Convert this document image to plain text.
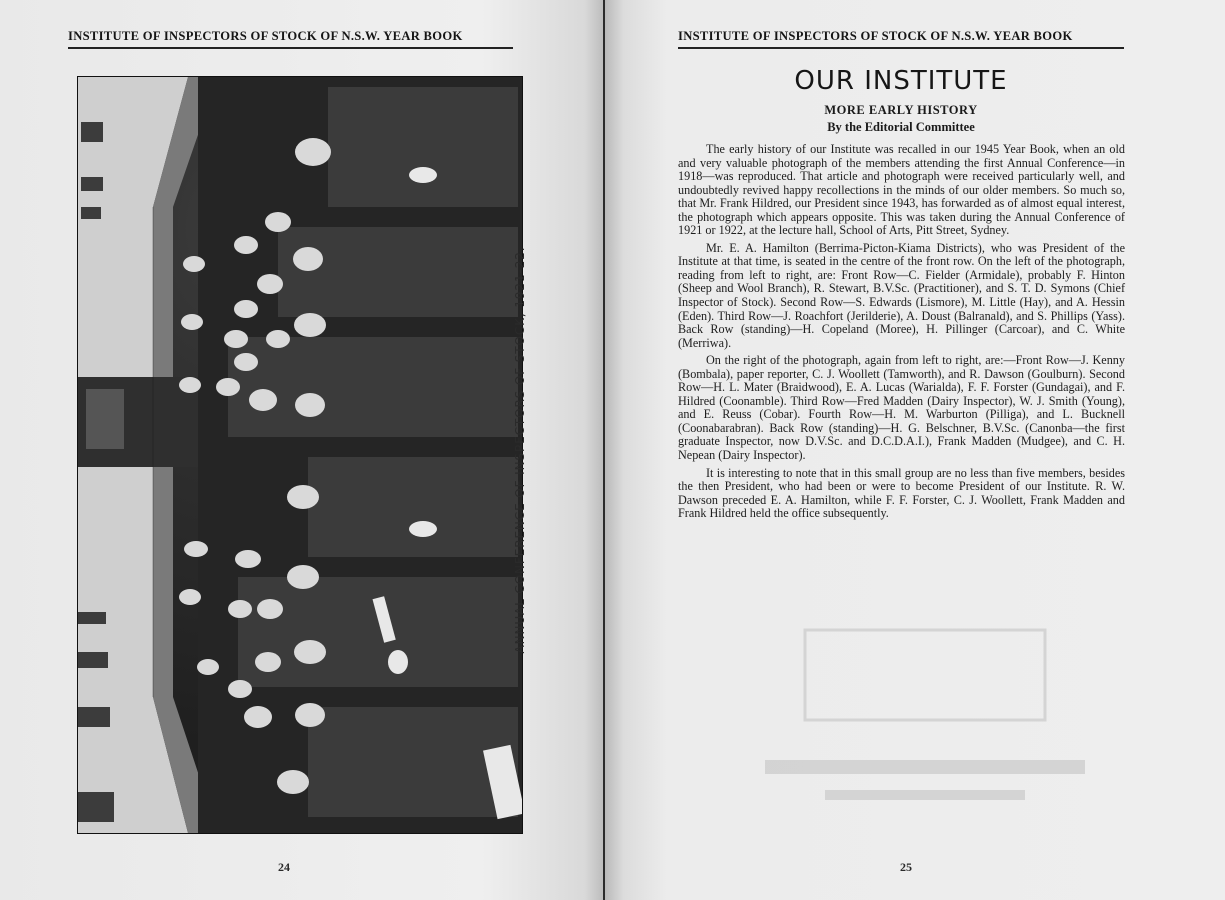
INSTITUTE OF INSPECTORS OF STOCK OF N.S.W. YEAR BOOK
ANNUAL CONFERENCE OF INSPECTORS OF STOCK, 1921-22.
24
INSTITUTE OF INSPECTORS OF STOCK OF N.S.W. YEAR BOOK
OUR INSTITUTE
MORE EARLY HISTORY
By the Editorial Committee

The early history of our Institute was recalled in our 1945 Year Book, when an old and very valuable photograph of the members attending the first Annual Conference—in 1918—was reproduced. That article and photograph were received particularly well, and undoubtedly revived happy recollections in the minds of our older members. So much so, that Mr. Frank Hildred, our President since 1943, has forwarded as of almost equal interest, the photograph which appears opposite. This was taken during the Annual Conference of 1921 or 1922, at the lecture hall, School of Arts, Pitt Street, Sydney.

Mr. E. A. Hamilton (Berrima-Picton-Kiama Districts), who was President of the Institute at that time, is seated in the centre of the front row. On the left of the photograph, reading from left to right, are: Front Row—C. Fielder (Armidale), probably F. Hinton (Sheep and Wool Branch), R. Stewart, B.V.Sc. (Practitioner), and S. T. D. Symons (Chief Inspector of Stock). Second Row—S. Edwards (Lismore), M. Little (Hay), and A. Hessin (Eden). Third Row—J. Roachfort (Jerilderie), A. Doust (Balranald), and S. Phillips (Yass). Back Row (standing)—H. Copeland (Moree), H. Pillinger (Carcoar), and C. White (Merriwa).

On the right of the photograph, again from left to right, are:—Front Row—J. Kenny (Bombala), paper reporter, C. J. Woollett (Tamworth), and R. Dawson (Goulburn). Second Row—H. L. Mater (Braidwood), E. A. Lucas (Warialda), F. F. Forster (Gundagai), and F. Hildred (Coonamble). Third Row—Fred Madden (Dairy Inspector), W. J. Smith (Young), and E. Reuss (Cobar). Fourth Row—H. M. Warburton (Pilliga), and L. Bucknell (Coonabarabran). Back Row (standing)—H. G. Belschner, B.V.Sc. (Canonba—the first graduate Inspector, now D.V.Sc. and D.C.D.A.I.), Frank Madden (Mudgee), and C. H. Nepean (Dairy Inspector).

It is interesting to note that in this small group are no less than five members, besides the then President, who had been or were to become President of our Institute. R. W. Dawson preceded E. A. Hamilton, while F. F. Forster, C. J. Woollett, Frank Madden and Frank Hildred held the office subsequently.

25
